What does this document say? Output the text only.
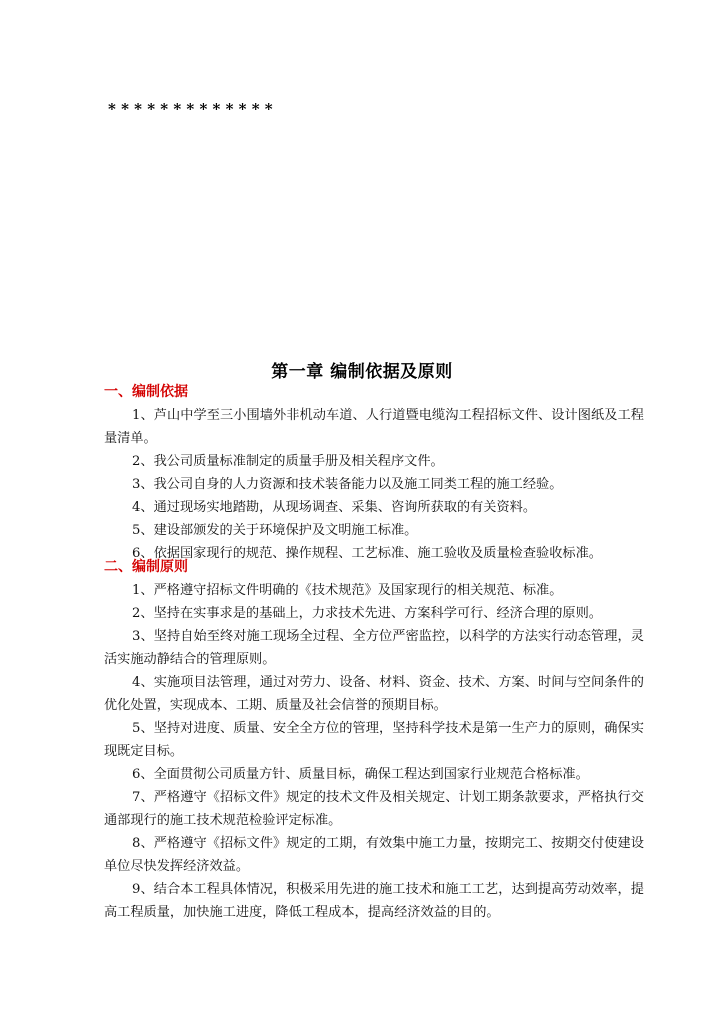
* * * * * * * * * * * * *
第一章 编制依据及原则
一、编制依据

1、芦山中学至三小围墙外非机动车道、人行道暨电缆沟工程招标文件、设计图纸及工程量清单。

2、我公司质量标准制定的质量手册及相关程序文件。

3、我公司自身的人力资源和技术装备能力以及施工同类工程的施工经验。

4、通过现场实地踏勘，从现场调查、采集、咨询所获取的有关资料。

5、建设部颁发的关于环境保护及文明施工标准。

6、依据国家现行的规范、操作规程、工艺标准、施工验收及质量检查验收标准。

二、编制原则

1、严格遵守招标文件明确的《技术规范》及国家现行的相关规范、标准。

2、坚持在实事求是的基础上，力求技术先进、方案科学可行、经济合理的原则。

3、坚持自始至终对施工现场全过程、全方位严密监控，以科学的方法实行动态管理，灵活实施动静结合的管理原则。

4、实施项目法管理，通过对劳力、设备、材料、资金、技术、方案、时间与空间条件的优化处置，实现成本、工期、质量及社会信誉的预期目标。

5、坚持对进度、质量、安全全方位的管理，坚持科学技术是第一生产力的原则，确保实现既定目标。

6、全面贯彻公司质量方针、质量目标，确保工程达到国家行业规范合格标准。

7、严格遵守《招标文件》规定的技术文件及相关规定、计划工期条款要求，严格执行交通部现行的施工技术规范检验评定标准。

8、严格遵守《招标文件》规定的工期，有效集中施工力量，按期完工、按期交付使建设单位尽快发挥经济效益。

9、结合本工程具体情况，积极采用先进的施工技术和施工工艺，达到提高劳动效率，提高工程质量，加快施工进度，降低工程成本，提高经济效益的目的。
